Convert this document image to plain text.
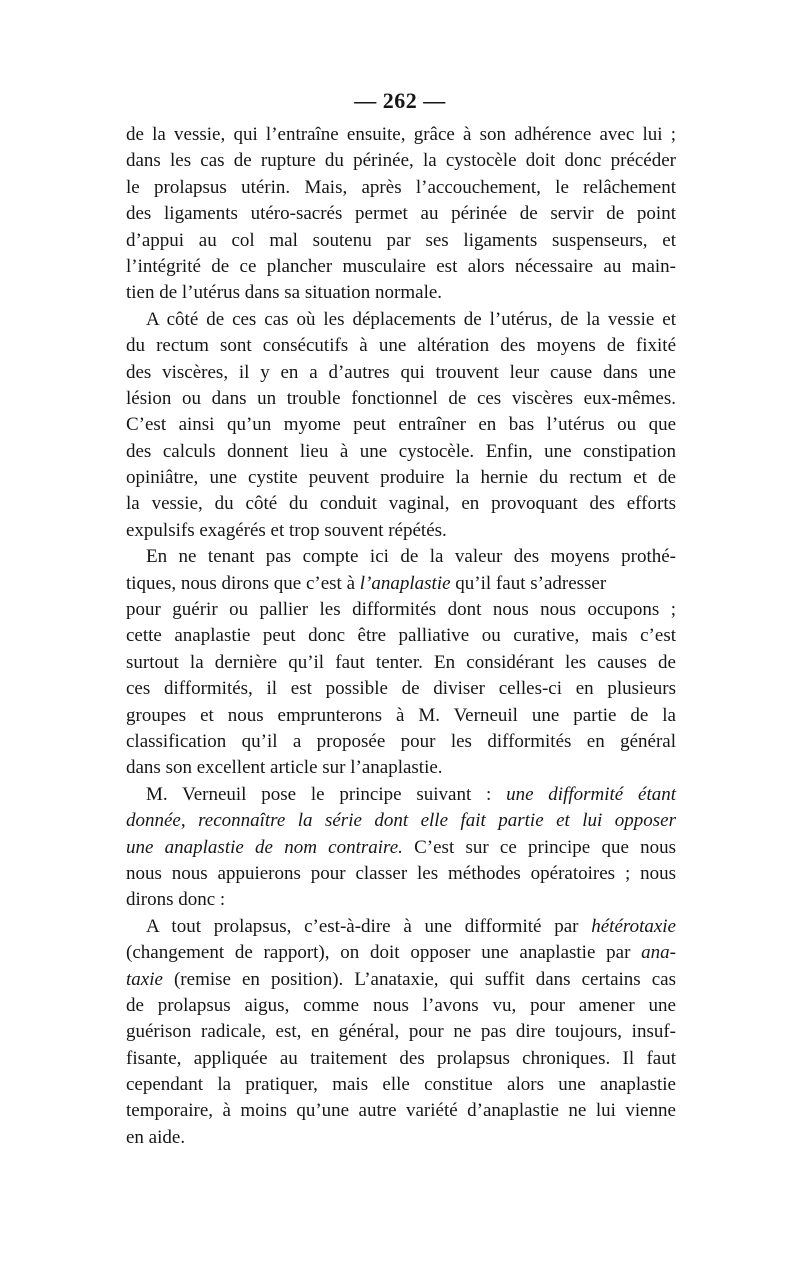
— 262 —
de la vessie, qui l’entraîne ensuite, grâce à son adhérence avec lui ;
dans les cas de rupture du périnée, la cystocèle doit donc précéder
le prolapsus utérin. Mais, après l’accouchement, le relâchement
des ligaments utéro-sacrés permet au périnée de servir de point
d’appui au col mal soutenu par ses ligaments suspenseurs, et
l’intégrité de ce plancher musculaire est alors nécessaire au main-
tien de l’utérus dans sa situation normale.
A côté de ces cas où les déplacements de l’utérus, de la vessie et
du rectum sont consécutifs à une altération des moyens de fixité
des viscères, il y en a d’autres qui trouvent leur cause dans une
lésion ou dans un trouble fonctionnel de ces viscères eux-mêmes.
C’est ainsi qu’un myome peut entraîner en bas l’utérus ou que
des calculs donnent lieu à une cystocèle. Enfin, une constipation
opiniâtre, une cystite peuvent produire la hernie du rectum et de
la vessie, du côté du conduit vaginal, en provoquant des efforts
expulsifs exagérés et trop souvent répétés.
En ne tenant pas compte ici de la valeur des moyens prothé-
tiques, nous dirons que c’est à l’anaplastie qu’il faut s’adresser
pour guérir ou pallier les difformités dont nous nous occupons ;
cette anaplastie peut donc être palliative ou curative, mais c’est
surtout la dernière qu’il faut tenter. En considérant les causes de
ces difformités, il est possible de diviser celles-ci en plusieurs
groupes et nous emprunterons à M. Verneuil une partie de la
classification qu’il a proposée pour les difformités en général
dans son excellent article sur l’anaplastie.
M. Verneuil pose le principe suivant : une difformité étant
donnée, reconnaître la série dont elle fait partie et lui opposer
une anaplastie de nom contraire. C’est sur ce principe que nous
nous nous appuierons pour classer les méthodes opératoires ; nous
dirons donc :
A tout prolapsus, c’est-à-dire à une difformité par hétérotaxie
(changement de rapport), on doit opposer une anaplastie par ana-
taxie (remise en position). L’anataxie, qui suffit dans certains cas
de prolapsus aigus, comme nous l’avons vu, pour amener une
guérison radicale, est, en général, pour ne pas dire toujours, insuf-
fisante, appliquée au traitement des prolapsus chroniques. Il faut
cependant la pratiquer, mais elle constitue alors une anaplastie
temporaire, à moins qu’une autre variété d’anaplastie ne lui vienne
en aide.
